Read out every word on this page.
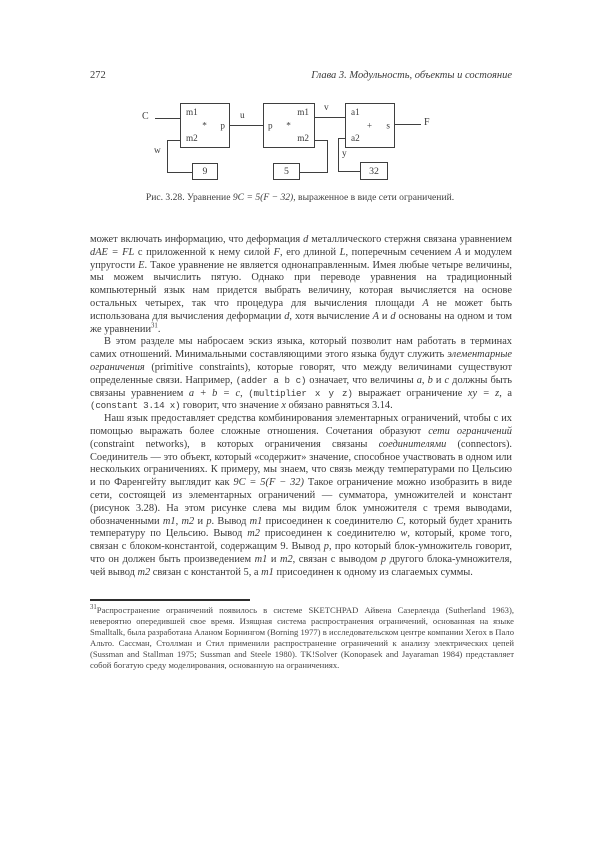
272	Глава 3. Модульность, объекты и состояние
C	m1
m2
* p
w
9
u
p *
m1
m2
5
v a1
a2
+ s
y
32
F
Рис. 3.28. Уравнение 9C = 5(F − 32), выраженное в виде сети ограничений.

может включать информацию, что деформация d металлического стержня связана уравнением dAE = FL с приложенной к нему силой F, его длиной L, поперечным сечением A и модулем упругости E. Такое уравнение не является однонаправленным. Имея любые четыре величины, мы можем вычислить пятую. Однако при переводе уравнения на традиционный компьютерный язык нам придется выбрать величину, которая вычисляется на основе остальных четырех, так что процедура для вычисления площади A не может быть использована для вычисления деформации d, хотя вычисление A и d основаны на одном и том же уравнении$^{31}$.

В этом разделе мы набросаем эскиз языка, который позволит нам работать в терминах самих отношений. Минимальными составляющими этого языка будут служить элементарные ограничения (primitive constraints), которые говорят, что между величинами существуют определенные связи. Например, (adder a b c) означает, что величины a, b и c должны быть связаны уравнением a + b = c, (multiplier x y z) выражает ограничение xy = z, а (constant 3.14 x) говорит, что значение x обязано равняться 3.14.

Наш язык предоставляет средства комбинирования элементарных ограничений, чтобы с их помощью выражать более сложные отношения. Сочетания образуют сети ограничений (constraint networks), в которых ограничения связаны соединителями (connectors). Соединитель — это объект, который «содержит» значение, способное участвовать в одном или нескольких ограничениях. К примеру, мы знаем, что связь между температурами по Цельсию и по Фаренгейту выглядит как 9C = 5(F − 32) Такое ограничение можно изобразить в виде сети, состоящей из элементарных ограничений — сумматора, умножителей и констант (рисунок 3.28). На этом рисунке слева мы видим блок умножителя с тремя выводами, обозначенными m1, m2 и p. Вывод m1 присоединен к соединителю C, который будет хранить температуру по Цельсию. Вывод m2 присоединен к соединителю w, который, кроме того, связан с блоком-константой, содержащим 9. Вывод p, про который блок-умножитель говорит, что он должен быть произведением m1 и m2, связан с выводом p другого блока-умножителя, чей вывод m2 связан с константой 5, а m1 присоединен к одному из слагаемых суммы.

$^{31}$Распространение ограничений появилось в системе SKETCHPAD Айвена Сазерленда (Sutherland 1963), невероятно опередившей свое время. Изящная система распространения ограничений, основанная на языке Smalltalk, была разработана Аланом Борнингом (Borning 1977) в исследовательском центре компании Xerox в Пало Альто. Сассман, Столлман и Стил применили распространение ограничений к анализу электрических цепей (Sussman and Stallman 1975; Sussman and Steele 1980). TK!Solver (Konopasek and Jayaraman 1984) представляет собой богатую среду моделирования, основанную на ограничениях.
